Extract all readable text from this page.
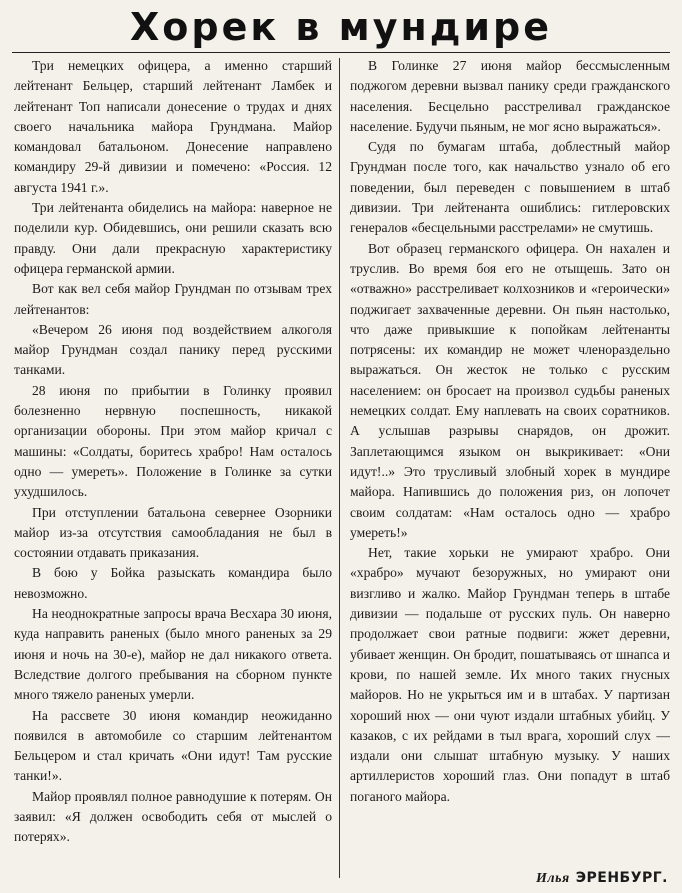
Хорек в мундире

Три немецких офицера, а именно старший лейтенант Бельцер, старший лейтенант Ламбек и лейтенант Топ написали донесение о трудах и днях своего начальника майора Грундмана. Майор командовал батальоном. Донесение направлено командиру 29-й дивизии и помечено: «Россия. 12 августа 1941 г.».

Три лейтенанта обиделись на майора: наверное не поделили кур. Обидевшись, они решили сказать всю правду. Они дали прекрасную характеристику офицера германской армии.

Вот как вел себя майор Грундман по отзывам трех лейтенантов:

«Вечером 26 июня под воздействием алкоголя майор Грундман создал панику перед русскими танками.

28 июня по прибытии в Голинку проявил болезненно нервную поспешность, никакой организации обороны. При этом майор кричал с машины: «Солдаты, боритесь храбро! Нам осталось одно — умереть». Положение в Голинке за сутки ухудшилось.

При отступлении батальона севернее Озорники майор из-за отсутствия самообладания не был в состоянии отдавать приказания.

В бою у Бойка разыскать командира было невозможно.

На неоднократные запросы врача Весхара 30 июня, куда направить раненых (было много раненых за 29 июня и ночь на 30-е), майор не дал никакого ответа. Вследствие долгого пребывания на сборном пункте много тяжело раненых умерли.

На рассвете 30 июня командир неожиданно появился в автомобиле со старшим лейтенантом Бельцером и стал кричать «Они идут! Там русские танки!».

Майор проявлял полное равнодушие к потерям. Он заявил: «Я должен освободить себя от мыслей о потерях».

В Голинке 27 июня майор бессмысленным поджогом деревни вызвал панику среди гражданского населения. Бесцельно расстреливал гражданское население. Будучи пьяным, не мог ясно выражаться».

Судя по бумагам штаба, доблестный майор Грундман после того, как начальство узнало об его поведении, был переведен с повышением в штаб дивизии. Три лейтенанта ошиблись: гитлеровских генералов «бесцельными расстрелами» не смутишь.

Вот образец германского офицера. Он нахален и труслив. Во время боя его не отыщешь. Зато он «отважно» расстреливает колхозников и «героически» поджигает захваченные деревни. Он пьян настолько, что даже привыкшие к попойкам лейтенанты потрясены: их командир не может членораздельно выражаться. Он жесток не только с русским населением: он бросает на произвол судьбы раненых немецких солдат. Ему наплевать на своих соратников. А услышав разрывы снарядов, он дрожит. Заплетающимся языком он выкрикивает: «Они идут!..» Это трусливый злобный хорек в мундире майора. Напившись до положения риз, он лопочет своим солдатам: «Нам осталось одно — храбро умереть!»

Нет, такие хорьки не умирают храбро. Они «храбро» мучают безоружных, но умирают они визгливо и жалко. Майор Грундман теперь в штабе дивизии — подальше от русских пуль. Он наверно продолжает свои ратные подвиги: жжет деревни, убивает женщин. Он бродит, пошатываясь от шнапса и крови, по нашей земле. Их много таких гнусных майоров. Но не укрыться им и в штабах. У партизан хороший нюх — они чуют издали штабных убийц. У казаков, с их рейдами в тыл врага, хороший слух — издали они слышат штабную музыку. У наших артиллеристов хороший глаз. Они попадут в штаб поганого майора.

Илья ЭРЕНБУРГ.
